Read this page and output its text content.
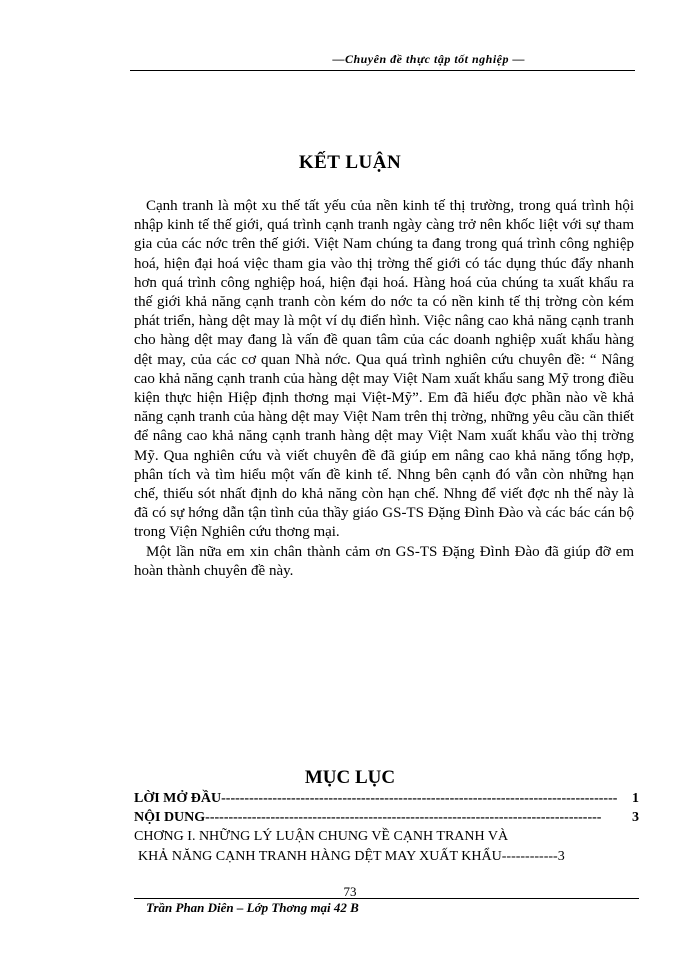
—Chuyên đề thực tập tốt nghiệp —
KẾT LUẬN

Cạnh tranh là một xu thế tất yếu của nền kinh tế thị trường, trong quá trình hội nhập kinh tế thế giới, quá trình cạnh tranh ngày càng trở nên khốc liệt với sự tham gia của các nớc trên thế giới. Việt Nam chúng ta đang trong quá trình công nghiệp hoá, hiện đại hoá việc tham gia vào thị trờng thế giới có tác dụng thúc đẩy nhanh hơn quá trình công nghiệp hoá, hiện đại hoá. Hàng hoá của chúng ta xuất khẩu ra thế giới khả năng cạnh tranh còn kém do nớc ta có nền kinh tế thị trờng còn kém phát triển, hàng dệt may là một ví dụ điển hình. Việc nâng cao khả năng cạnh tranh cho hàng dệt may đang là vấn đề quan tâm của các doanh nghiệp xuất khẩu hàng dệt may, của các cơ quan Nhà nớc. Qua quá trình nghiên cứu chuyên đề: “ Nâng cao khả năng cạnh tranh của hàng dệt may Việt Nam xuất khẩu sang Mỹ trong điều kiện thực hiện Hiệp định thơng mại Việt-Mỹ”. Em đã hiểu đợc phần nào về khả năng cạnh tranh của hàng dệt may Việt Nam trên thị trờng, những yêu cầu cần thiết để nâng cao khả năng cạnh tranh hàng dệt may Việt Nam xuất khẩu vào thị trờng Mỹ. Qua nghiên cứu và viết chuyên đề đã giúp em nâng cao khả năng tổng hợp, phân tích và tìm hiểu một vấn đề kinh tế. Nhng bên cạnh đó vẫn còn những hạn chế, thiếu sót nhất định do khả năng còn hạn chế. Nhng để viết đợc nh thế này là đã có sự hớng dẫn tận tình của thầy giáo GS-TS Đặng Đình Đào và các bác cán bộ trong Viện Nghiên cứu thơng mại.

Một lần nữa em xin chân thành cảm ơn GS-TS Đặng Đình Đào đã giúp đỡ em hoàn thành chuyên đề này.

MỤC LỤC
LỜI MỞ ĐẦU -------------------------------------------------------------------------------------	1
NỘI DUNG -------------------------------------------------------------------------------------	3
CHƠNG I. NHỮNG LÝ LUẬN CHUNG VỀ CẠNH TRANH VÀ
KHẢ NĂNG CẠNH TRANH HÀNG DỆT MAY XUẤT KHẨU------------3
73
Trần Phan Diên – Lớp Thơng mại 42 B
